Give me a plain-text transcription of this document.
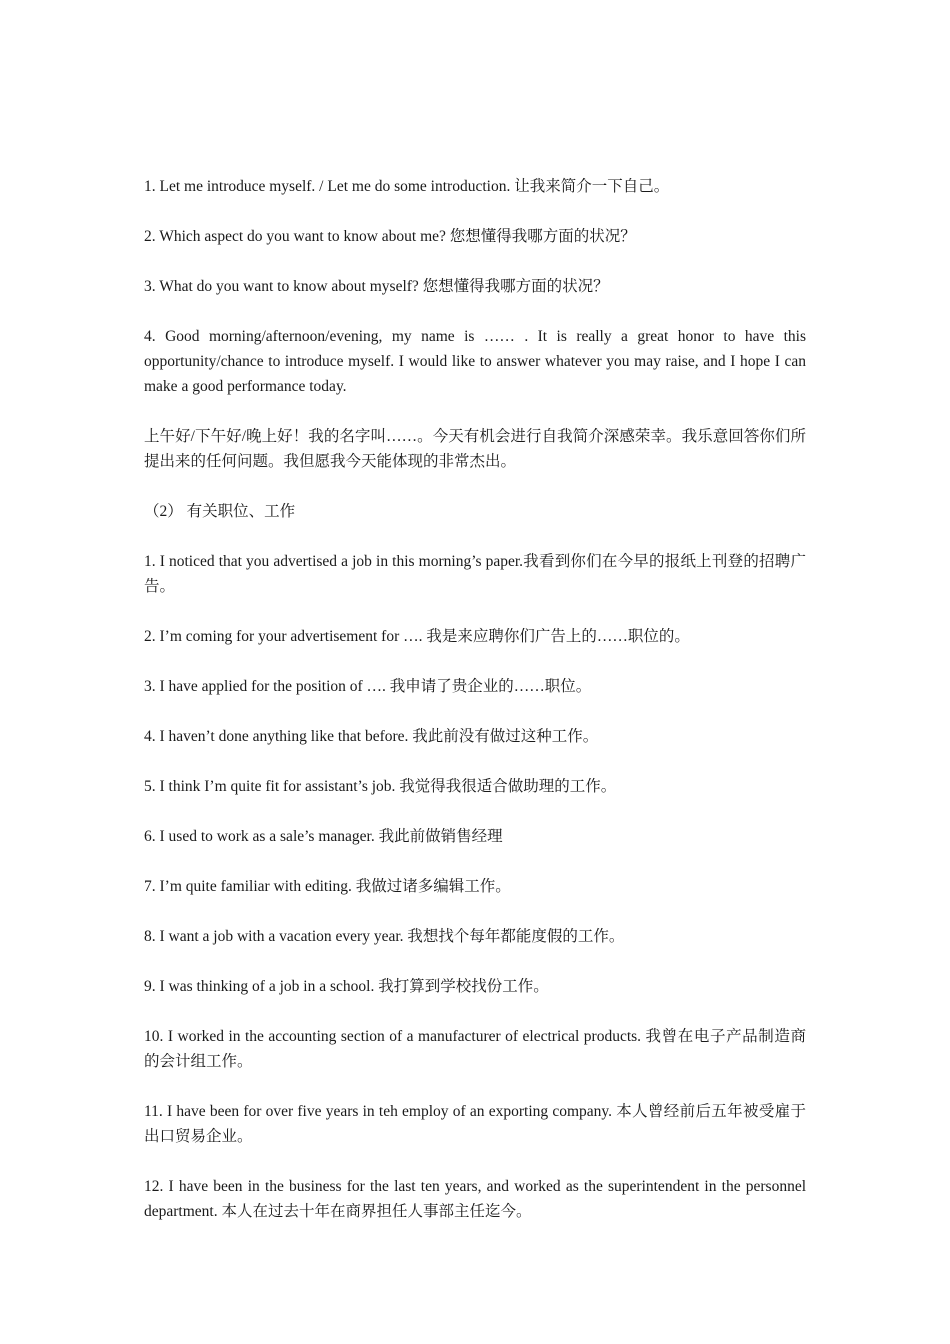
1. Let me introduce myself. / Let me do some introduction. 让我来简介一下自己。

2. Which aspect do you want to know about me? 您想懂得我哪方面的状况？

3. What do you want to know about myself? 您想懂得我哪方面的状况？

4. Good morning/afternoon/evening, my name is …… . It is really a great honor to have this opportunity/chance to introduce myself. I would like to answer whatever you may raise, and I hope I can make a good performance today.

上午好/下午好/晚上好！我的名字叫……。今天有机会进行自我简介深感荣幸。我乐意回答你们所提出来的任何问题。我但愿我今天能体现的非常杰出。

（2） 有关职位、工作

1. I noticed that you advertised a job in this morning’s paper.我看到你们在今早的报纸上刊登的招聘广告。

2. I’m coming for your advertisement for …. 我是来应聘你们广告上的……职位的。

3. I have applied for the position of …. 我申请了贵企业的……职位。

4. I haven’t done anything like that before. 我此前没有做过这种工作。

5. I think I’m quite fit for assistant’s job. 我觉得我很适合做助理的工作。

6. I used to work as a sale’s manager. 我此前做销售经理

7. I’m quite familiar with editing. 我做过诸多编辑工作。

8. I want a job with a vacation every year. 我想找个每年都能度假的工作。

9. I was thinking of a job in a school. 我打算到学校找份工作。

10. I worked in the accounting section of a manufacturer of electrical products. 我曾在电子产品制造商的会计组工作。

11. I have been for over five years in teh employ of an exporting company. 本人曾经前后五年被受雇于出口贸易企业。

12. I have been in the business for the last ten years, and worked as the superintendent in the personnel department. 本人在过去十年在商界担任人事部主任迄今。
